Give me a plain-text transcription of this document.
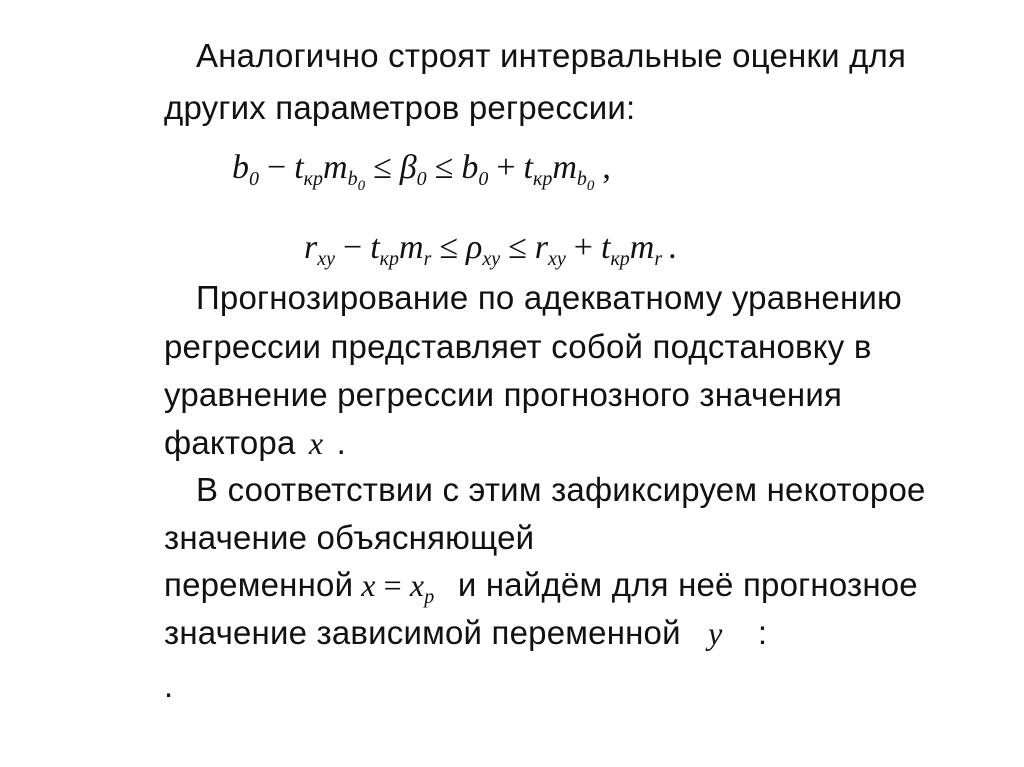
Аналогично строят интервальные оценки для
других параметров регрессии:
$b_0 - t_{кр}m_{b_0} \le \beta_0 \le b_0 + t_{кр}m_{b_0}$ ,
$r_{xy} - t_{кр}m_r \le \rho_{xy} \le r_{xy} + t_{кр}m_r$ .
Прогнозирование по адекватному уравнению
регрессии представляет собой подстановку в
уравнение регрессии прогнозного значения
фактора x .
В соответствии с этим зафиксируем некоторое
значение объясняющей
переменной $x = x_p$ и найдём для неё прогнозное
значение зависимой переменной y :
.
